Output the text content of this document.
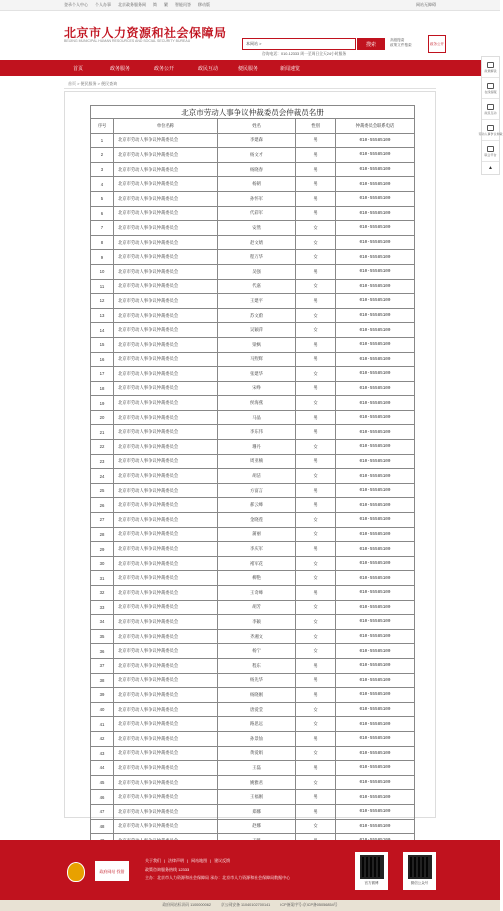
登录个人中心 个人办事 北京政务服务网 简 繁 智能问答 移动版	网站无障碍
北京市人力资源和社会保障局
BEIJING MUNICIPAL HUMAN RESOURCES AND SOCIAL SECURITY BUREAU	本网站 >	搜索
高级搜索
政策文件搜索
咨询电话：010-12333 周一至周日全天24小时服务
政务公开
首页	政务服务	政务公开	政民互动	便民服务	新闻速览	政策解读
在线客服
政民互动
劳动人事争议仲裁
联合平台
▲
首页 > 便民服务 > 便民查询
北京市劳动人事争议仲裁委员会仲裁员名册
序号	单位名称	姓名	性别	仲裁委员会联系电话
1	北京市劳动人事争议仲裁委员会	李建森	男	010-55585100
2	北京市劳动人事争议仲裁委员会	杨文才	男	010-55585100
3	北京市劳动人事争议仲裁委员会	杨晓春	男	010-55585100
4	北京市劳动人事争议仲裁委员会	杨朝	男	010-55585100
5	北京市劳动人事争议仲裁委员会	孙怀军	男	010-55585100
6	北京市劳动人事争议仲裁委员会	代彩军	男	010-55585100
7	北京市劳动人事争议仲裁委员会	安然	女	010-55585100
8	北京市劳动人事争议仲裁委员会	赵文婧	女	010-55585100
9	北京市劳动人事争议仲裁委员会	程万华	女	010-55585100
10	北京市劳动人事争议仲裁委员会	吴强	男	010-55585100
11	北京市劳动人事争议仲裁委员会	代嘉	女	010-55585100
12	北京市劳动人事争议仲裁委员会	王建平	男	010-55585100
13	北京市劳动人事争议仲裁委员会	苏文蔚	女	010-55585100
14	北京市劳动人事争议仲裁委员会	吴颖萍	女	010-55585100
15	北京市劳动人事争议仲裁委员会	梁枫	男	010-55585100
16	北京市劳动人事争议仲裁委员会	马煦辉	男	010-55585100
17	北京市劳动人事争议仲裁委员会	张建华	女	010-55585100
18	北京市劳动人事争议仲裁委员会	宋峥	男	010-55585100
19	北京市劳动人事争议仲裁委员会	侯海燕	女	010-55585100
20	北京市劳动人事争议仲裁委员会	马晶	男	010-55585100
21	北京市劳动人事争议仲裁委员会	李东伟	男	010-55585100
22	北京市劳动人事争议仲裁委员会	珊丹	女	010-55585100
23	北京市劳动人事争议仲裁委员会	周亚楠	男	010-55585100
24	北京市劳动人事争议仲裁委员会	胡洁	女	010-55585100
25	北京市劳动人事争议仲裁委员会	方富言	男	010-55585100
26	北京市劳动人事争议仲裁委员会	郝云峰	男	010-55585100
27	北京市劳动人事争议仲裁委员会	金晓莲	女	010-55585100
28	北京市劳动人事争议仲裁委员会	蒲丽	女	010-55585100
29	北京市劳动人事争议仲裁委员会	李庆军	男	010-55585100
30	北京市劳动人事争议仲裁委员会	褚军花	女	010-55585100
31	北京市劳动人事争议仲裁委员会	柳艳	女	010-55585100
32	北京市劳动人事争议仲裁委员会	王奇峰	男	010-55585100
33	北京市劳动人事争议仲裁委员会	胡芳	女	010-55585100
34	北京市劳动人事争议仲裁委员会	李颖	女	010-55585100
35	北京市劳动人事争议仲裁委员会	齐湘文	女	010-55585100
36	北京市劳动人事争议仲裁委员会	杨宁	女	010-55585100
37	北京市劳动人事争议仲裁委员会	程东	男	010-55585100
38	北京市劳动人事争议仲裁委员会	杨先华	男	010-55585100
39	北京市劳动人事争议仲裁委员会	杨晓刚	男	010-55585100
40	北京市劳动人事争议仲裁委员会	唐爱莹	女	010-55585100
41	北京市劳动人事争议仲裁委员会	路思远	女	010-55585100
42	北京市劳动人事争议仲裁委员会	孙景仙	男	010-55585100
43	北京市劳动人事争议仲裁委员会	黄爱娟	女	010-55585100
44	北京市劳动人事争议仲裁委员会	王磊	男	010-55585100
45	北京市劳动人事争议仲裁委员会	姚雅君	女	010-55585100
46	北京市劳动人事争议仲裁委员会	王福刚	男	010-55585100
47	北京市劳动人事争议仲裁委员会	郑娜	男	010-55585100
48	北京市劳动人事争议仲裁委员会	赵娜	女	010-55585100

政府网站 找错
关于我们 | 法律声明 | 网站地图 | 建议反馈
政策咨询服务热线 12333
主办：北京市人力资源和社会保障局 承办：北京市人力资源和社会保障局数据中心
官方微博	微信公众号
政府网站标识码 1100000062	京公网安备 11040102700141	ICP备案序号:京ICP备05056854号
